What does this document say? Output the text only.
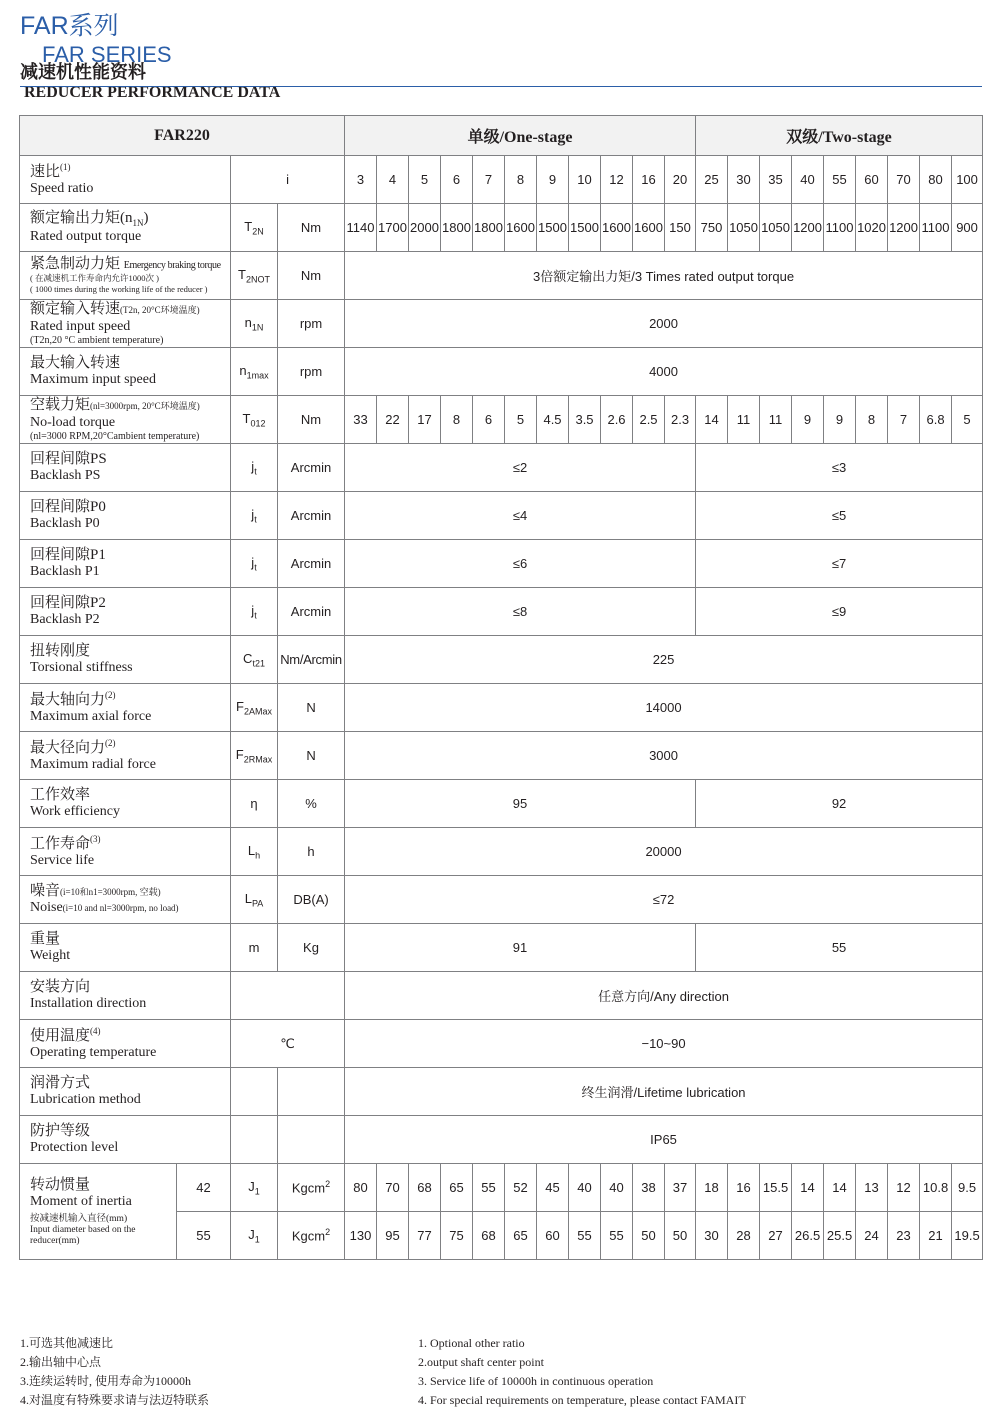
FAR系列
FAR SERIES
减速机性能资料
REDUCER PERFORMANCE DATA
FAR220				单级/One-stage											双级/Two-stage								

速比$^{(1)}$
Speed ratio		i		3	4	5	6	7	8	9	10	12	16	20	25	30	35	40	55	60	70	80	100

额定输出力矩$(n_{1N})$
Rated output torque		$T_{2N}$	Nm	1140	1700	2000	1800	1800	1600	1500	1500	1600	1600	150	750	1050	1050	1200	1100	1020	1200	1100	900

紧急制动力矩 Emergency braking torque
( 在减速机工作寿命内允许1000次 )
( 1000 times during the working life of the reducer )		$T_{2NOT}$	Nm	3倍额定输出力矩/3 Times rated output torque																			

额定输入转速(T2n, 20°C环境温度)
Rated input speed
(T2n,20 °C ambient temperature)		$n_{1N}$	rpm	2000																			

最大输入转速
Maximum input speed		$n_{1max}$	rpm	4000																			

空载力矩(nl=3000rpm, 20°C环境温度)
No-load torque
(nl=3000 RPM,20°Cambient temperature)		$T_{012}$	Nm	33	22	17	8	6	5	4.5	3.5	2.6	2.5	2.3	14	11	11	9	9	8	7	6.8	5

回程间隙PS
Backlash PS		$j_t$	Arcmin	≤2											≤3								

回程间隙P0
Backlash P0		$j_t$	Arcmin	≤4											≤5								

回程间隙P1
Backlash P1		$j_t$	Arcmin	≤6											≤7								

回程间隙P2
Backlash P2		$j_t$	Arcmin	≤8											≤9								

扭转刚度
Torsional stiffness		$C_{t21}$	Nm/Arcmin	225																			

最大轴向力$^{(2)}$
Maximum axial force		$F_{2AMax}$	N	14000																			

最大径向力$^{(2)}$
Maximum radial force		$F_{2RMax}$	N	3000																			

工作效率
Work efficiency		η	%	95											92								

工作寿命$^{(3)}$
Service life		$L_h$	h	20000																			

噪音(i=10和n1=3000rpm, 空载)
Noise(i=10 and nl=3000rpm, no load)		$L_{PA}$	DB(A)	≤72																			

重量
Weight		m	Kg	91											55								

安装方向
Installation direction				任意方向/Any direction																			

使用温度$^{(4)}$
Operating temperature		℃		−10~90																			

润滑方式
Lubrication method				终生润滑/Lifetime lubrication																			

防护等级
Protection level				IP65																			

转动惯量
Moment of inertia
按减速机输入直径(mm)
Input diameter based on the reducer(mm)	42	$J_1$	Kgcm$^2$	80	70	68	65	55	52	45	40	40	38	37	18	16	15.5	14	14	13	12	10.8	9.5
	55	$J_1$	Kgcm$^2$	130	95	77	75	68	65	60	55	55	50	50	30	28	27	26.5	25.5	24	23	21	19.5
1.可选其他减速比
2.输出轴中心点
3.连续运转时, 使用寿命为10000h
4.对温度有特殊要求请与法迈特联系
1. Optional other ratio
2.output shaft center point
3. Service life of 10000h in continuous operation
4. For special requirements on temperature, please contact FAMAIT
